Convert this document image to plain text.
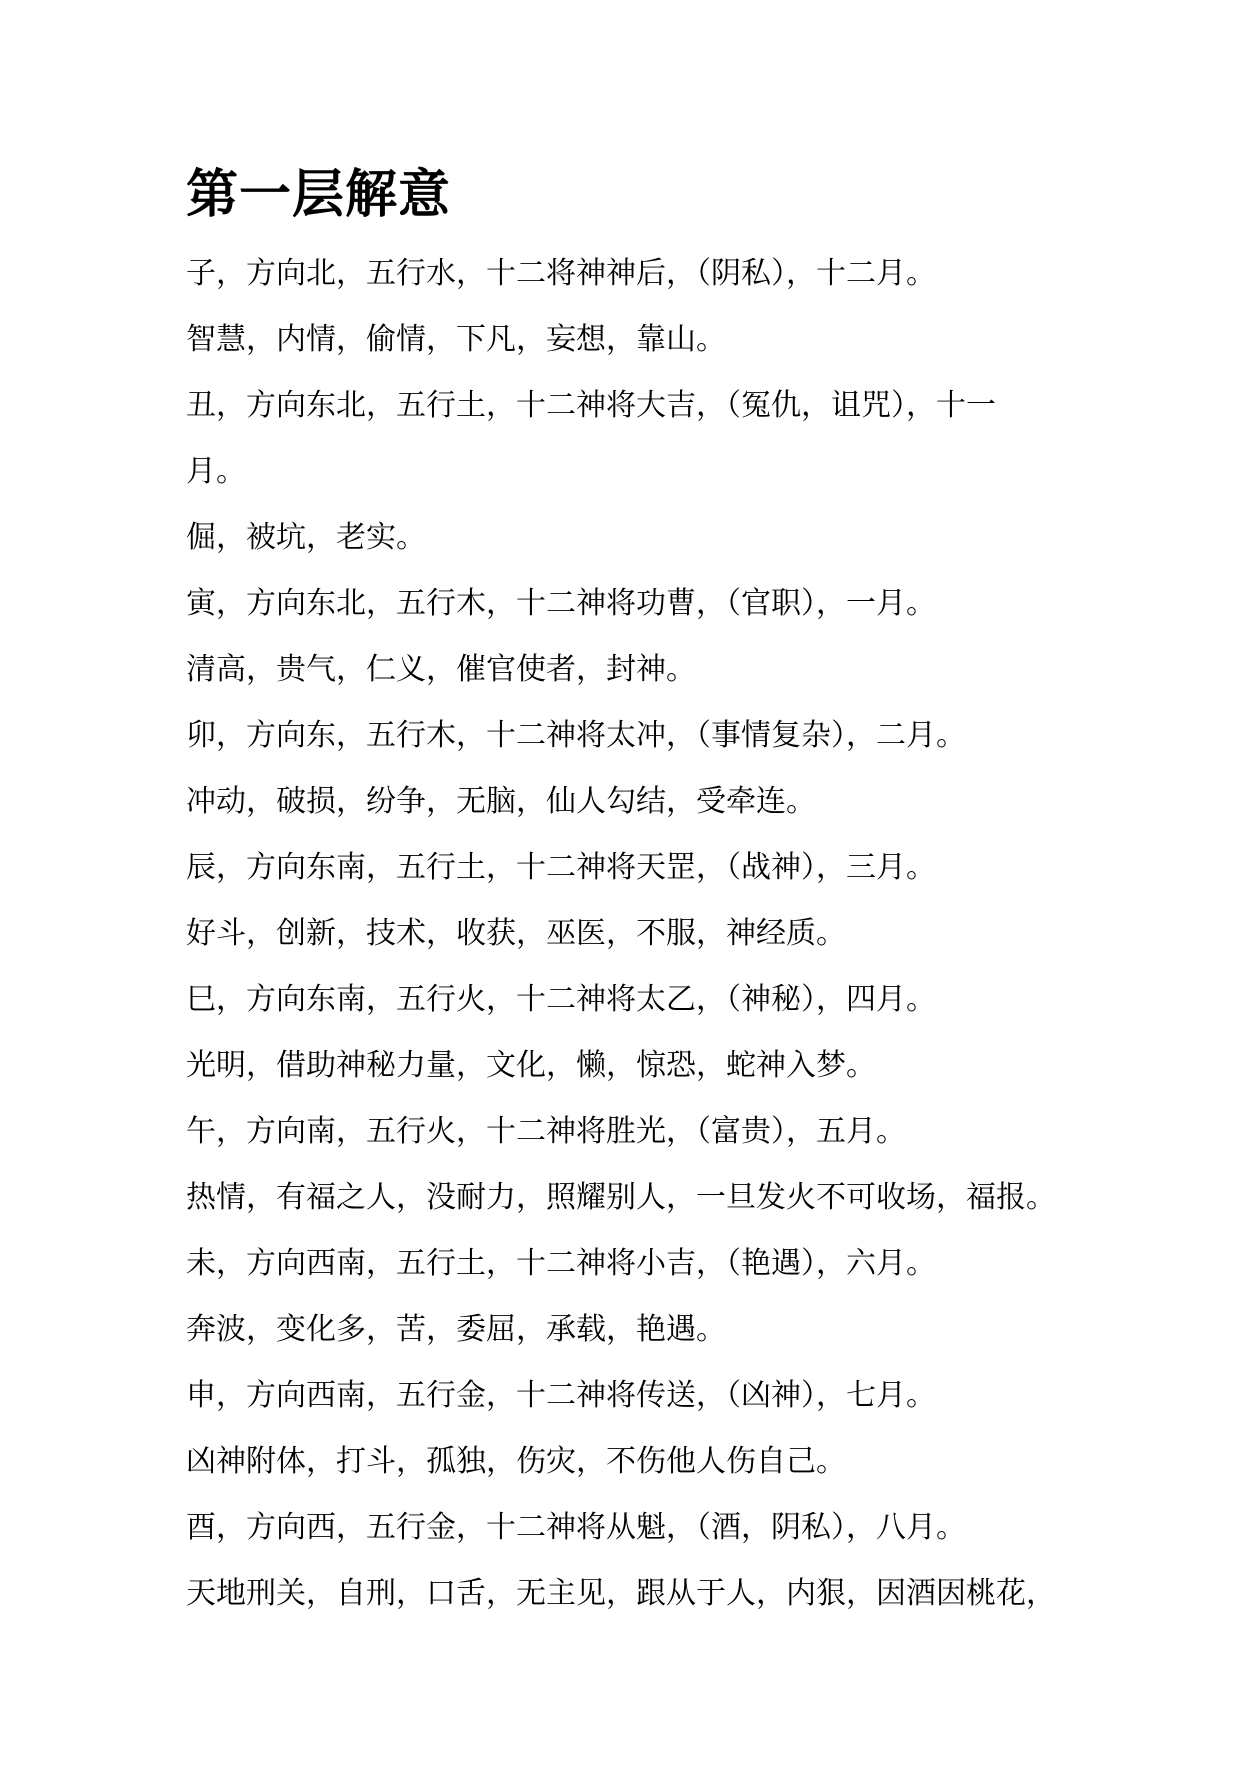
第一层解意

子，方向北，五行水，十二将神神后，（阴私），十二月。

智慧，内情，偷情，下凡，妄想，靠山。

丑，方向东北，五行土，十二神将大吉，（冤仇，诅咒），十一

月。

倔，被坑，老实。

寅，方向东北，五行木，十二神将功曹，（官职），一月。

清高，贵气，仁义，催官使者，封神。

卯，方向东，五行木，十二神将太冲，（事情复杂），二月。

冲动，破损，纷争，无脑，仙人勾结，受牵连。

辰，方向东南，五行土，十二神将天罡，（战神），三月。

好斗，创新，技术，收获，巫医，不服，神经质。

巳，方向东南，五行火，十二神将太乙，（神秘），四月。

光明，借助神秘力量，文化，懒，惊恐，蛇神入梦。

午，方向南，五行火，十二神将胜光，（富贵），五月。

热情，有福之人，没耐力，照耀别人，一旦发火不可收场，福报。

未，方向西南，五行土，十二神将小吉，（艳遇），六月。

奔波，变化多，苦，委屈，承载，艳遇。

申，方向西南，五行金，十二神将传送，（凶神），七月。

凶神附体，打斗，孤独，伤灾，不伤他人伤自己。

酉，方向西，五行金，十二神将从魁，（酒，阴私），八月。

天地刑关，自刑，口舌，无主见，跟从于人，内狠，因酒因桃花，
